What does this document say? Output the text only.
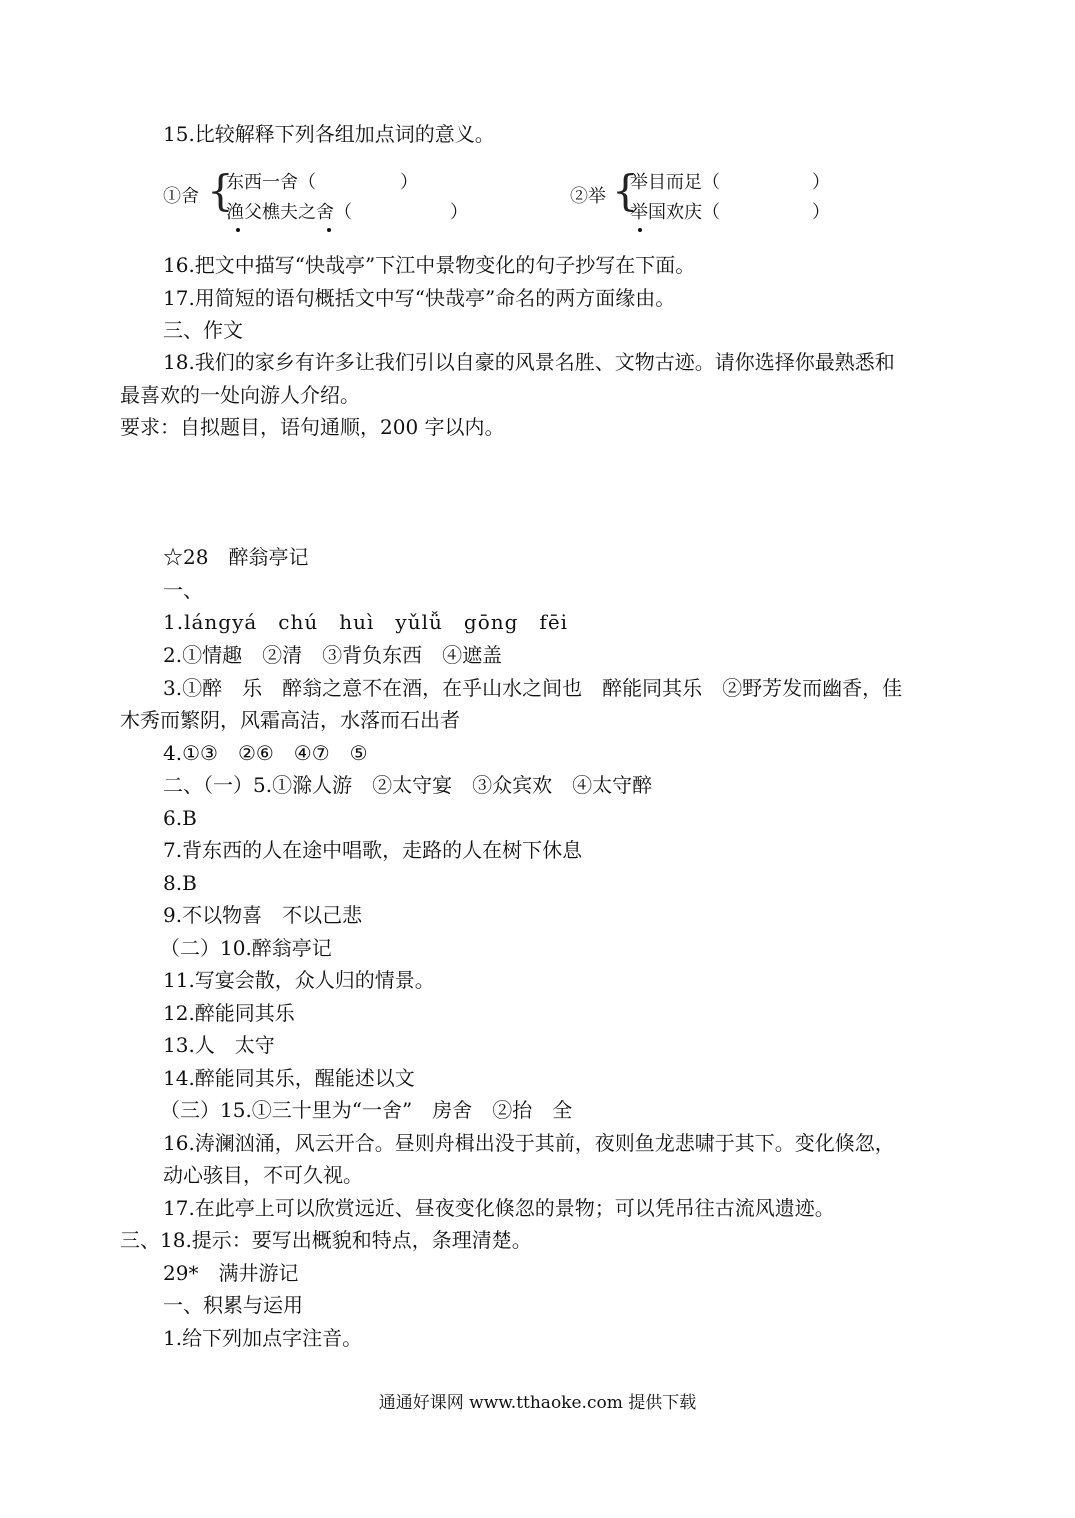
15.比较解释下列各组加点词的意义。
①舍 {
东西一舍（	）
渔父樵夫之舍（	）
②举 {
举目而足（	）
举国欢庆（	）
16.把文中描写“快哉亭”下江中景物变化的句子抄写在下面。
17.用简短的语句概括文中写“快哉亭”命名的两方面缘由。
三、作文
18.我们的家乡有许多让我们引以自豪的风景名胜、文物古迹。请你选择你最熟悉和
最喜欢的一处向游人介绍。
要求：自拟题目，语句通顺，200 字以内。
☆28　醉翁亭记
一、
1.lángyá　chú　huì　yǔlǚ　gōng　fēi
2.①情趣　②清　③背负东西　④遮盖
3.①醉　乐　醉翁之意不在酒，在乎山水之间也　醉能同其乐　②野芳发而幽香，佳
木秀而繁阴，风霜高洁，水落而石出者
4.①③　②⑥　④⑦　⑤
二、（一）5.①滁人游　②太守宴　③众宾欢　④太守醉
6.B
7.背东西的人在途中唱歌，走路的人在树下休息
8.B
9.不以物喜　不以己悲
（二）10.醉翁亭记
11.写宴会散，众人归的情景。
12.醉能同其乐
13.人　太守
14.醉能同其乐，醒能述以文
（三）15.①三十里为“一舍”　房舍　②抬　全
16.涛澜汹涌，风云开合。昼则舟楫出没于其前，夜则鱼龙悲啸于其下。变化倏忽，
动心骇目，不可久视。
17.在此亭上可以欣赏远近、昼夜变化倏忽的景物；可以凭吊往古流风遗迹。
三、18.提示：要写出概貌和特点，条理清楚。
29*　满井游记
一、积累与运用
1.给下列加点字注音。
通通好课网 www.tthaoke.com 提供下载
